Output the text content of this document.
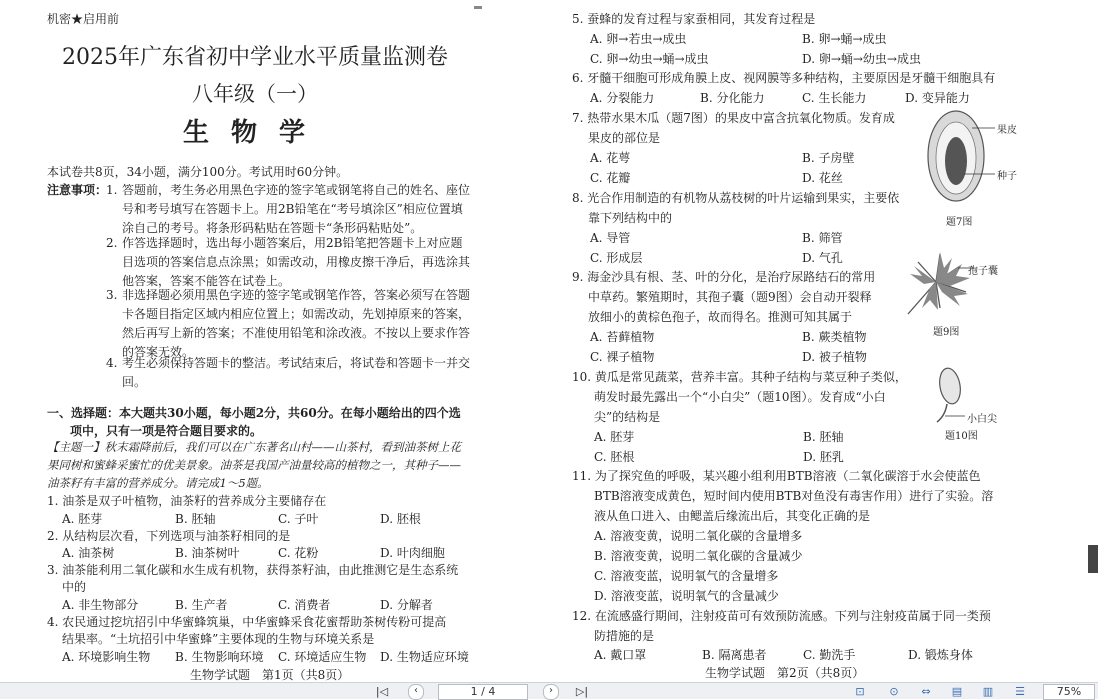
机密★启用前
2025年广东省初中学业水平质量监测卷
八年级（一）
生物学
本试卷共8页，34小题，满分100分。考试用时60分钟。
注意事项：
1. 答题前，考生务必用黑色字迹的签字笔或钢笔将自己的姓名、座位号和考号填写在答题卡上。用2B铅笔在“考号填涂区”相应位置填涂自己的考号。将条形码粘贴在答题卡“条形码粘贴处”。
2. 作答选择题时，选出每小题答案后，用2B铅笔把答题卡上对应题目选项的答案信息点涂黑；如需改动，用橡皮擦干净后，再选涂其他答案，答案不能答在试卷上。
3. 非选择题必须用黑色字迹的签字笔或钢笔作答，答案必须写在答题卡各题目指定区域内相应位置上；如需改动，先划掉原来的答案，然后再写上新的答案；不准使用铅笔和涂改液。不按以上要求作答的答案无效。
4. 考生必须保持答题卡的整洁。考试结束后，将试卷和答题卡一并交回。
一、选择题：本大题共30小题，每小题2分，共60分。在每小题给出的四个选
项中，只有一项是符合题目要求的。
【主题一】秋末霜降前后，我们可以在广东著名山村——山茶村，看到油茶树上花果同树和蜜蜂采蜜忙的优美景象。油茶是我国产油量较高的植物之一，其种子——油茶籽有丰富的营养成分。请完成1～5题。
1. 油茶是双子叶植物，油茶籽的营养成分主要储存在
A. 胚芽	B. 胚轴	C. 子叶	D. 胚根
2. 从结构层次看，下列选项与油茶籽相同的是
A. 油茶树	B. 油茶树叶	C. 花粉	D. 叶肉细胞
3. 油茶能利用二氧化碳和水生成有机物，获得茶籽油，由此推测它是生态系统
中的
A. 非生物部分	B. 生产者	C. 消费者	D. 分解者
4. 农民通过挖坑招引中华蜜蜂筑巢，中华蜜蜂采食花蜜帮助茶树传粉可提高
结果率。“土坑招引中华蜜蜂”主要体现的生物与环境关系是
A. 环境影响生物 B. 生物影响环境 C. 环境适应生物 D. 生物适应环境
生物学试题　第1页（共8页）
5. 蚕蜂的发育过程与家蚕相同，其发育过程是
A. 卵→若虫→成虫	B. 卵→蛹→成虫
C. 卵→幼虫→蛹→成虫	D. 卵→蛹→幼虫→成虫
6. 牙髓干细胞可形成角膜上皮、视网膜等多种结构，主要原因是牙髓干细胞具有
A. 分裂能力	B. 分化能力	C. 生长能力	D. 变异能力
7. 热带水果木瓜（题7图）的果皮中富含抗氧化物质。发育成
果皮的部位是
A. 花萼	B. 子房壁
C. 花瓣	D. 花丝
8. 光合作用制造的有机物从荔枝树的叶片运输到果实，主要依
靠下列结构中的
A. 导管	B. 筛管
C. 形成层	D. 气孔
9. 海金沙具有根、茎、叶的分化，是治疗尿路结石的常用
中草药。繁殖期时，其孢子囊（题9图）会自动开裂释
放细小的黄棕色孢子，故而得名。推测可知其属于
A. 苔藓植物	B. 蕨类植物
C. 裸子植物	D. 被子植物
10. 黄瓜是常见蔬菜，营养丰富。其种子结构与菜豆种子类似，
萌发时最先露出一个“小白尖”（题10图）。发育成“小白
尖”的结构是
A. 胚芽	B. 胚轴
C. 胚根	D. 胚乳
11. 为了探究鱼的呼吸，某兴趣小组利用BTB溶液（二氧化碳溶于水会使蓝色
BTB溶液变成黄色，短时间内使用BTB对鱼没有毒害作用）进行了实验。溶
液从鱼口进入、由鳃盖后缘流出后，其变化正确的是
A. 溶液变黄，说明二氧化碳的含量增多
B. 溶液变黄，说明二氧化碳的含量减少
C. 溶液变蓝，说明氧气的含量增多
D. 溶液变蓝，说明氧气的含量减少
12. 在流感盛行期间，注射疫苗可有效预防流感。下列与注射疫苗属于同一类预
防措施的是
A. 戴口罩	B. 隔离患者	C. 勤洗手	D. 锻炼身体
生物学试题　第2页（共8页）
果皮
种子
题7图
孢子囊
题9图
小白尖
题10图
|◁	‹	1 / 4	›	▷|	⊡	⊙	⇔	▤ ▥ ☰	75%
